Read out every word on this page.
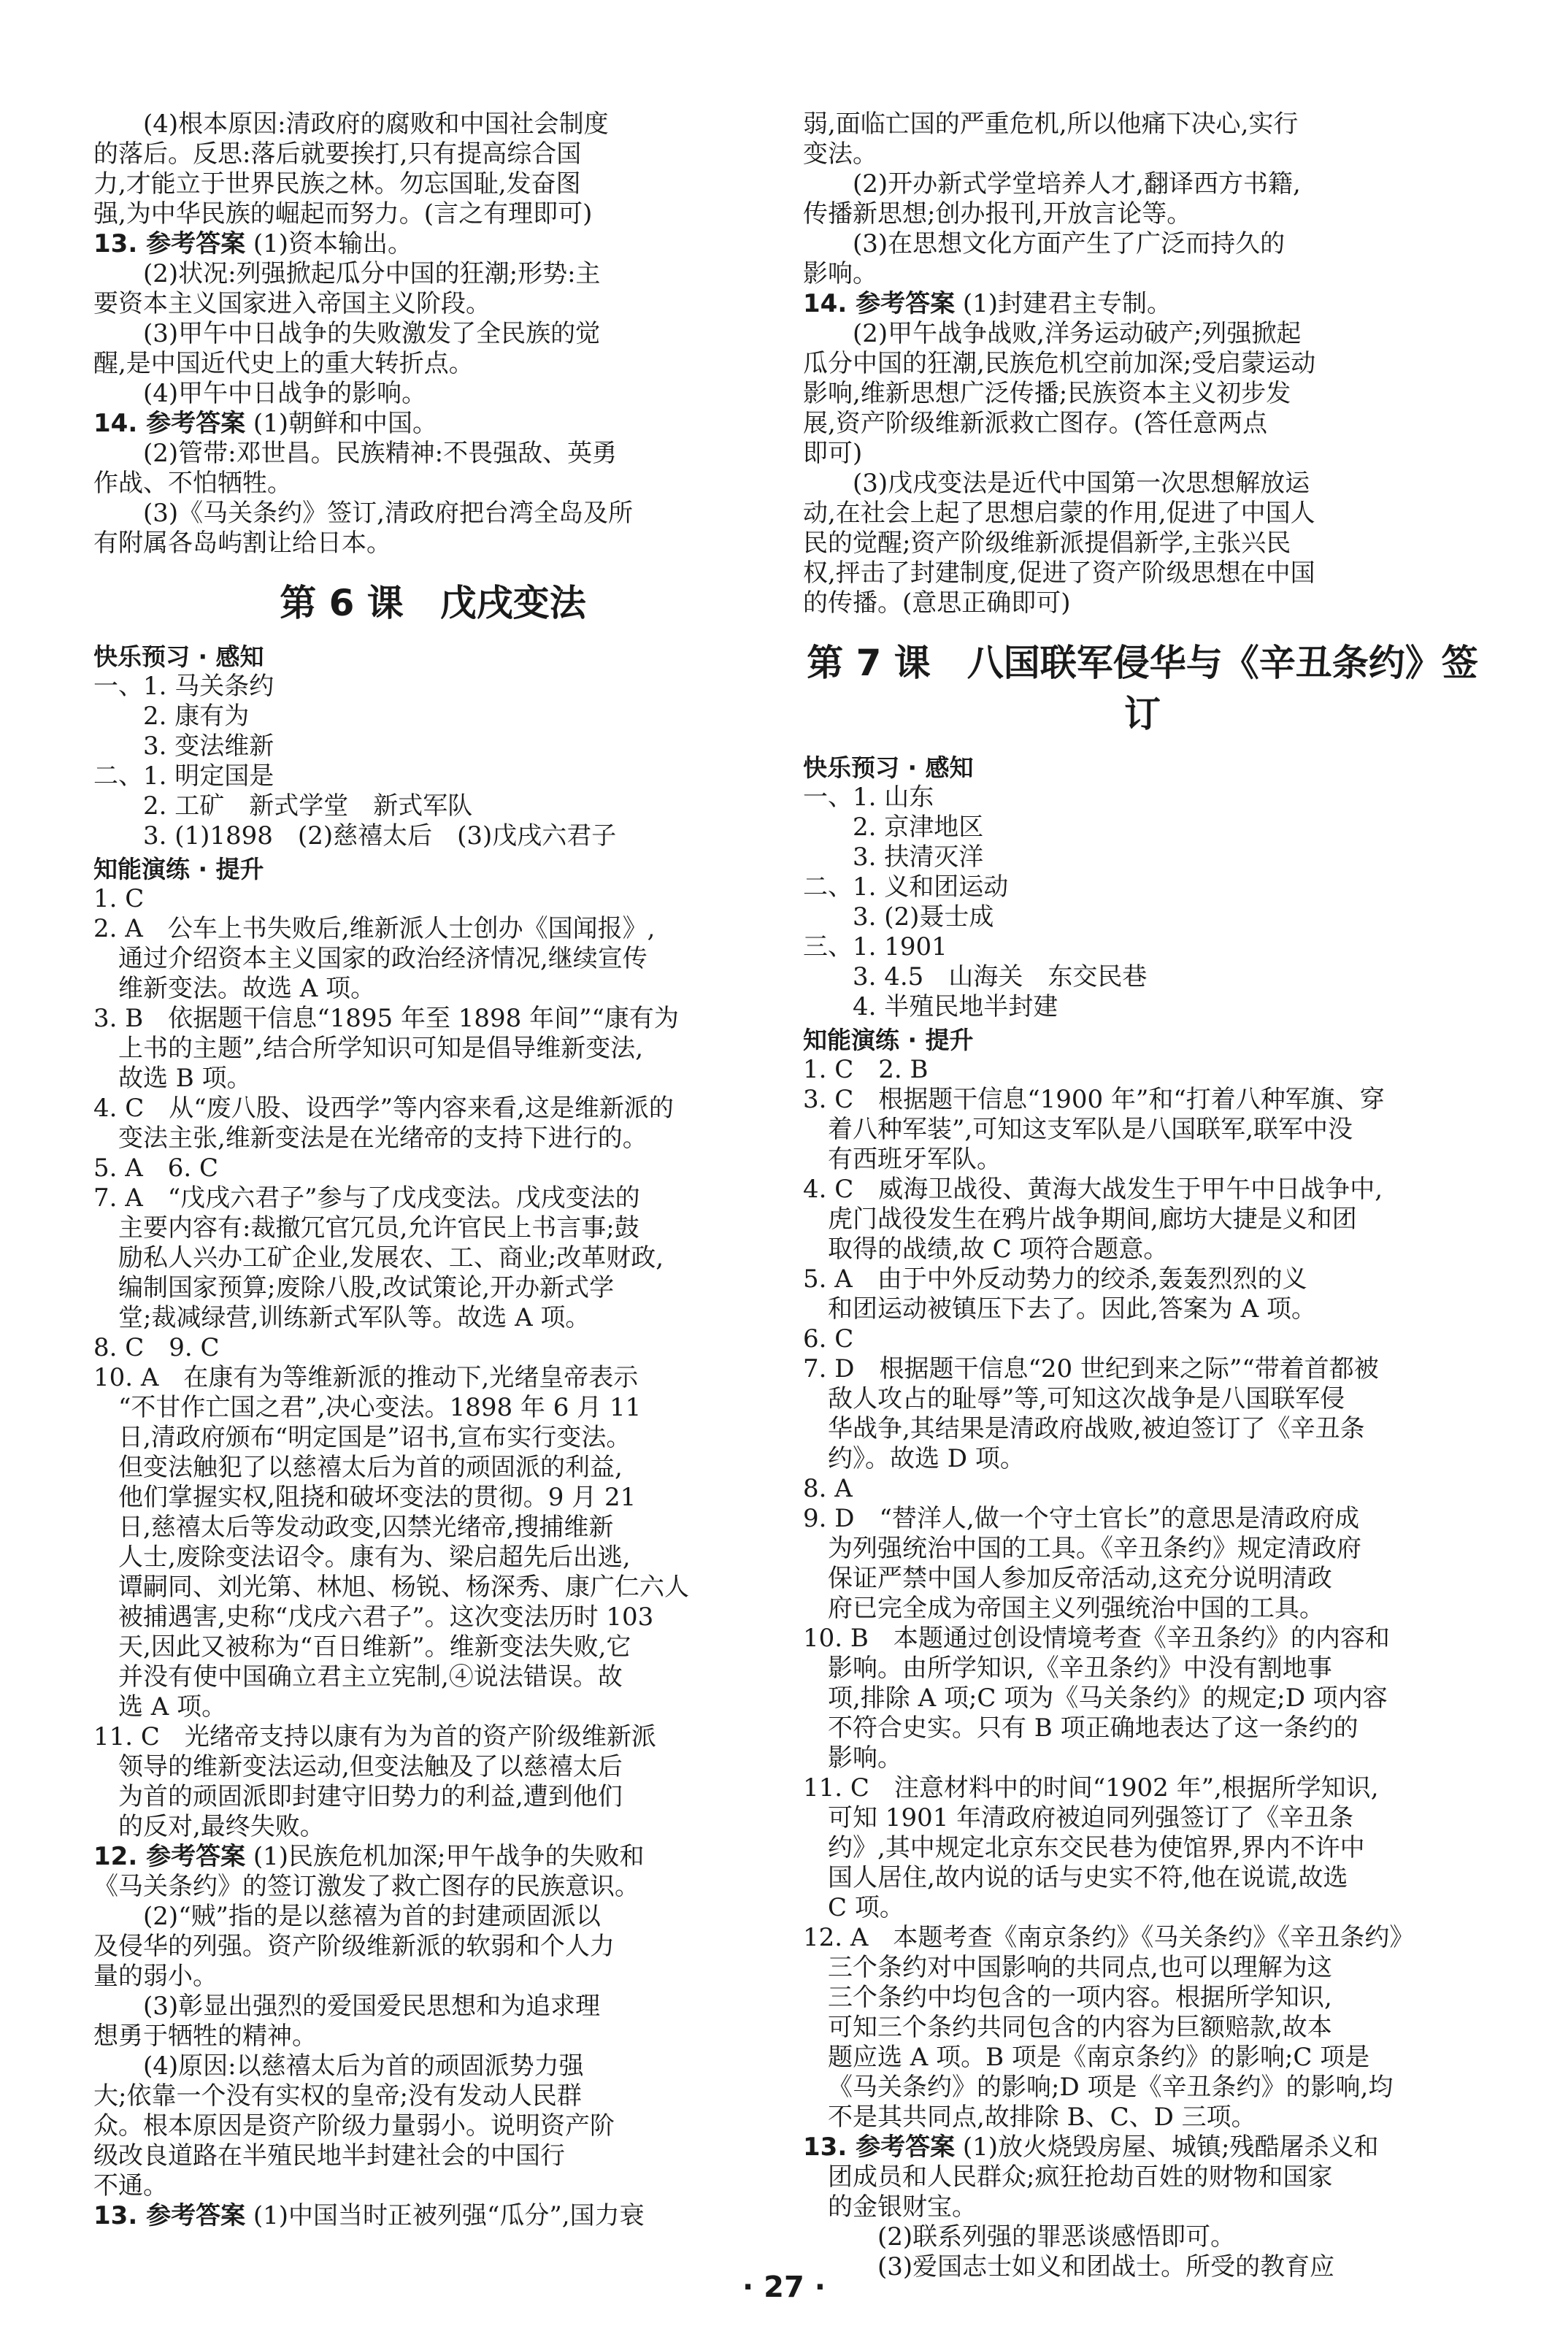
(4)根本原因:清政府的腐败和中国社会制度
的落后。反思:落后就要挨打,只有提高综合国
力,才能立于世界民族之林。勿忘国耻,发奋图
强,为中华民族的崛起而努力。(言之有理即可)
13. 参考答案 (1)资本输出。
(2)状况:列强掀起瓜分中国的狂潮;形势:主
要资本主义国家进入帝国主义阶段。
(3)甲午中日战争的失败激发了全民族的觉
醒,是中国近代史上的重大转折点。
(4)甲午中日战争的影响。
14. 参考答案 (1)朝鲜和中国。
(2)管带:邓世昌。民族精神:不畏强敌、英勇
作战、不怕牺牲。
(3)《马关条约》签订,清政府把台湾全岛及所
有附属各岛屿割让给日本。
第 6 课　戊戌变法
快乐预习 · 感知
一、1. 马关条约
2. 康有为
3. 变法维新
二、1. 明定国是
2. 工矿　新式学堂　新式军队
3. (1)1898　(2)慈禧太后　(3)戊戌六君子
知能演练 · 提升
1. C
2. A　公车上书失败后,维新派人士创办《国闻报》,
通过介绍资本主义国家的政治经济情况,继续宣传
维新变法。故选 A 项。
3. B　依据题干信息“1895 年至 1898 年间”“康有为
上书的主题”,结合所学知识可知是倡导维新变法,
故选 B 项。
4. C　从“废八股、设西学”等内容来看,这是维新派的
变法主张,维新变法是在光绪帝的支持下进行的。
5. A　6. C
7. A　“戊戌六君子”参与了戊戌变法。戊戌变法的
主要内容有:裁撤冗官冗员,允许官民上书言事;鼓
励私人兴办工矿企业,发展农、工、商业;改革财政,
编制国家预算;废除八股,改试策论,开办新式学
堂;裁减绿营,训练新式军队等。故选 A 项。
8. C　9. C
10. A　在康有为等维新派的推动下,光绪皇帝表示
“不甘作亡国之君”,决心变法。1898 年 6 月 11
日,清政府颁布“明定国是”诏书,宣布实行变法。
但变法触犯了以慈禧太后为首的顽固派的利益,
他们掌握实权,阻挠和破坏变法的贯彻。9 月 21
日,慈禧太后等发动政变,囚禁光绪帝,搜捕维新
人士,废除变法诏令。康有为、梁启超先后出逃,
谭嗣同、刘光第、林旭、杨锐、杨深秀、康广仁六人
被捕遇害,史称“戊戌六君子”。这次变法历时 103
天,因此又被称为“百日维新”。维新变法失败,它
并没有使中国确立君主立宪制,④说法错误。故
选 A 项。
11. C　光绪帝支持以康有为为首的资产阶级维新派
领导的维新变法运动,但变法触及了以慈禧太后
为首的顽固派即封建守旧势力的利益,遭到他们
的反对,最终失败。
12. 参考答案 (1)民族危机加深;甲午战争的失败和
《马关条约》的签订激发了救亡图存的民族意识。
(2)“贼”指的是以慈禧为首的封建顽固派以
及侵华的列强。资产阶级维新派的软弱和个人力
量的弱小。
(3)彰显出强烈的爱国爱民思想和为追求理
想勇于牺牲的精神。
(4)原因:以慈禧太后为首的顽固派势力强
大;依靠一个没有实权的皇帝;没有发动人民群
众。根本原因是资产阶级力量弱小。说明资产阶
级改良道路在半殖民地半封建社会的中国行
不通。
13. 参考答案 (1)中国当时正被列强“瓜分”,国力衰
弱,面临亡国的严重危机,所以他痛下决心,实行
变法。
(2)开办新式学堂培养人才,翻译西方书籍,
传播新思想;创办报刊,开放言论等。
(3)在思想文化方面产生了广泛而持久的
影响。
14. 参考答案 (1)封建君主专制。
(2)甲午战争战败,洋务运动破产;列强掀起
瓜分中国的狂潮,民族危机空前加深;受启蒙运动
影响,维新思想广泛传播;民族资本主义初步发
展,资产阶级维新派救亡图存。(答任意两点
即可)
(3)戊戌变法是近代中国第一次思想解放运
动,在社会上起了思想启蒙的作用,促进了中国人
民的觉醒;资产阶级维新派提倡新学,主张兴民
权,抨击了封建制度,促进了资产阶级思想在中国
的传播。(意思正确即可)
第 7 课　八国联军侵华与《辛丑条约》签订
快乐预习 · 感知
一、1. 山东
2. 京津地区
3. 扶清灭洋
二、1. 义和团运动
3. (2)聂士成
三、1. 1901
3. 4.5　山海关　东交民巷
4. 半殖民地半封建
知能演练 · 提升
1. C　2. B
3. C　根据题干信息“1900 年”和“打着八种军旗、穿
着八种军装”,可知这支军队是八国联军,联军中没
有西班牙军队。
4. C　威海卫战役、黄海大战发生于甲午中日战争中,
虎门战役发生在鸦片战争期间,廊坊大捷是义和团
取得的战绩,故 C 项符合题意。
5. A　由于中外反动势力的绞杀,轰轰烈烈的义
和团运动被镇压下去了。因此,答案为 A 项。
6. C
7. D　根据题干信息“20 世纪到来之际”“带着首都被
敌人攻占的耻辱”等,可知这次战争是八国联军侵
华战争,其结果是清政府战败,被迫签订了《辛丑条
约》。故选 D 项。
8. A
9. D　“替洋人,做一个守土官长”的意思是清政府成
为列强统治中国的工具。《辛丑条约》规定清政府
保证严禁中国人参加反帝活动,这充分说明清政
府已完全成为帝国主义列强统治中国的工具。
10. B　本题通过创设情境考查《辛丑条约》的内容和
影响。由所学知识,《辛丑条约》中没有割地事
项,排除 A 项;C 项为《马关条约》的规定;D 项内容
不符合史实。只有 B 项正确地表达了这一条约的
影响。
11. C　注意材料中的时间“1902 年”,根据所学知识,
可知 1901 年清政府被迫同列强签订了《辛丑条
约》,其中规定北京东交民巷为使馆界,界内不许中
国人居住,故内说的话与史实不符,他在说谎,故选
C 项。
12. A　本题考查《南京条约》《马关条约》《辛丑条约》
三个条约对中国影响的共同点,也可以理解为这
三个条约中均包含的一项内容。根据所学知识,
可知三个条约共同包含的内容为巨额赔款,故本
题应选 A 项。B 项是《南京条约》的影响;C 项是
《马关条约》的影响;D 项是《辛丑条约》的影响,均
不是其共同点,故排除 B、C、D 三项。
13. 参考答案 (1)放火烧毁房屋、城镇;残酷屠杀义和
团成员和人民群众;疯狂抢劫百姓的财物和国家
的金银财宝。
(2)联系列强的罪恶谈感悟即可。
(3)爱国志士如义和团战士。所受的教育应
· 27 ·
